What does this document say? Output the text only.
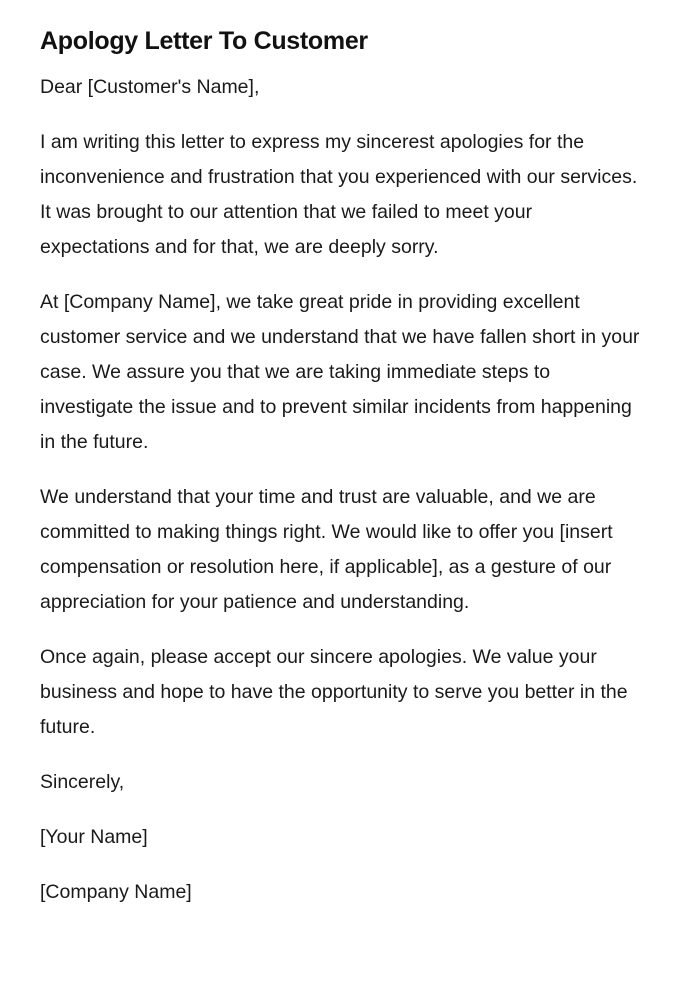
Apology Letter To Customer

Dear [Customer's Name],

I am writing this letter to express my sincerest apologies for the inconvenience and frustration that you experienced with our services. It was brought to our attention that we failed to meet your expectations and for that, we are deeply sorry.

At [Company Name], we take great pride in providing excellent customer service and we understand that we have fallen short in your case. We assure you that we are taking immediate steps to investigate the issue and to prevent similar incidents from happening in the future.

We understand that your time and trust are valuable, and we are committed to making things right. We would like to offer you [insert compensation or resolution here, if applicable], as a gesture of our appreciation for your patience and understanding.

Once again, please accept our sincere apologies. We value your business and hope to have the opportunity to serve you better in the future.

Sincerely,

[Your Name]

[Company Name]
